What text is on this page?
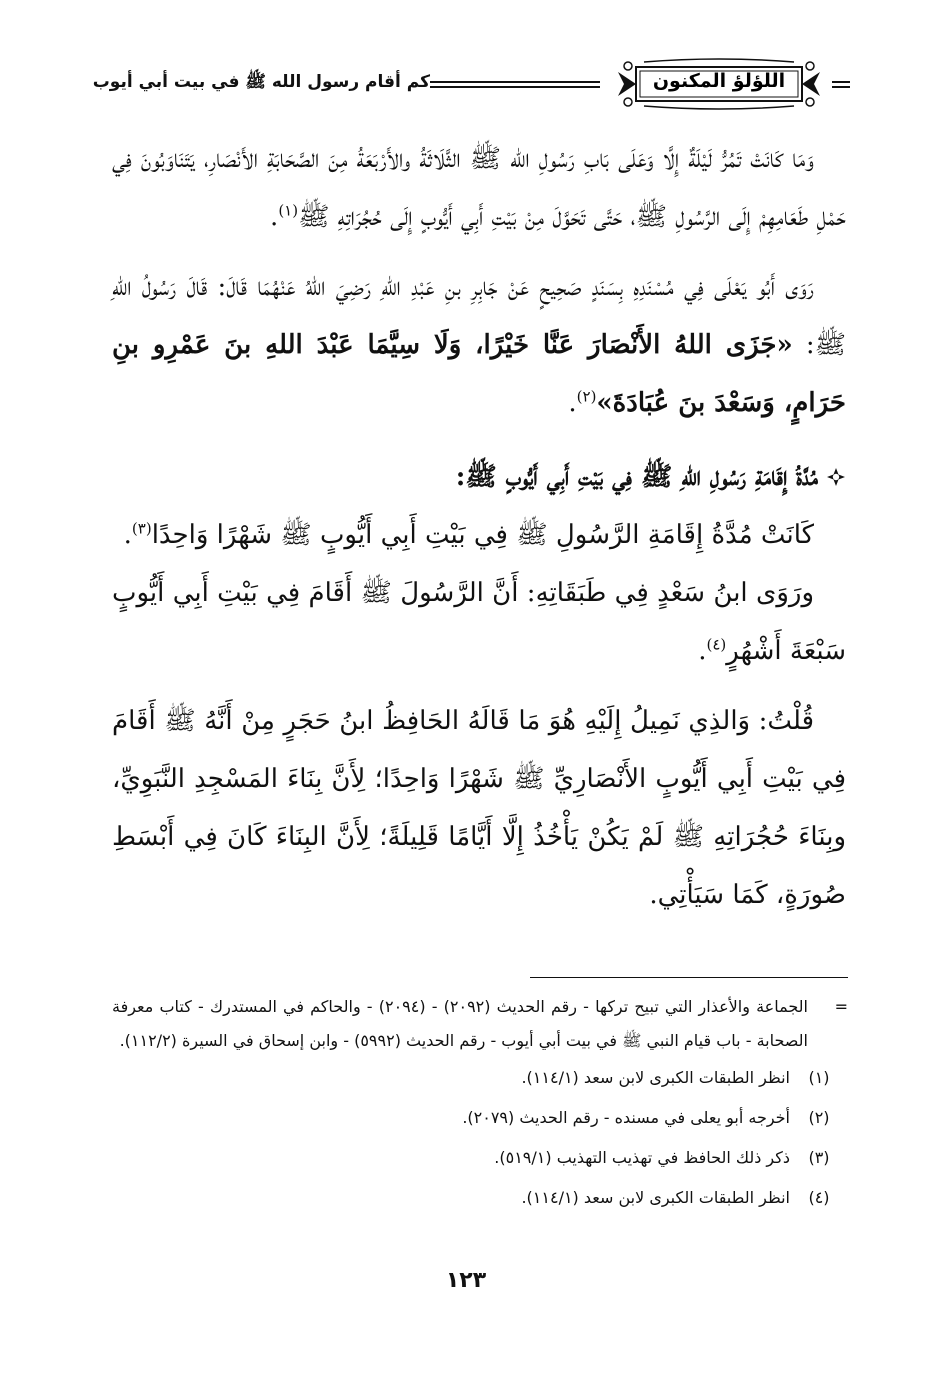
اللؤلؤ المكنون
كم أقام رسول الله ﷺ في بيت أبي أيوب

وَمَا كَانَتْ تَمُرُّ لَيْلَةٌ إِلَّا وَعَلَى بَابِ رَسُولِ الله ﷺ الثَّلَاثَةُ والأَرْبَعَةُ مِنَ الصَّحَابَةِ الأَنْصَارِ، يَتَنَاوَبُونَ فِي حَمْلِ طَعَامِهِمْ إِلَى الرَّسُولِ ﷺ، حَتَّى تَحَوَّلَ مِنْ بَيْتِ أَبِي أَيُّوبٍ إِلَى حُجُرَاتِهِ ﷺ$^{(١)}$.

رَوَى أَبُو يَعْلَى فِي مُسْنَدِهِ بِسَنَدٍ صَحِيحٍ عَنْ جَابِرِ بنِ عَبْدِ اللهِ رَضِيَ اللهُ عَنْهُمَا قَالَ: قَالَ رَسُولُ اللهِ ﷺ: «جَزَى اللهُ الأَنْصَارَ عَنَّا خَيْرًا، وَلَا سِيَّمَا عَبْدَ اللهِ بنَ عَمْرِو بنِ حَرَامٍ، وَسَعْدَ بنَ عُبَادَةَ»$^{(٢)}$.

مُدَّةُ إِقَامَةِ رَسُولِ اللهِ ﷺ فِي بَيْتِ أَبِي أَيُّوبٍ ﷺ:

كَانَتْ مُدَّةُ إِقَامَةِ الرَّسُولِ ﷺ فِي بَيْتِ أَبِي أَيُّوبٍ ﷺ شَهْرًا وَاحِدًا$^{(٣)}$.

ورَوَى ابنُ سَعْدٍ فِي طَبَقَاتِهِ: أَنَّ الرَّسُولَ ﷺ أَقَامَ فِي بَيْتِ أَبِي أَيُّوبٍ سَبْعَةَ أَشْهُرٍ$^{(٤)}$.

قُلْتُ: وَالذِي نَمِيلُ إِلَيْهِ هُوَ مَا قَالَهُ الحَافِظُ ابنُ حَجَرٍ مِنْ أَنَّهُ ﷺ أَقَامَ فِي بَيْتِ أَبِي أَيُّوبٍ الأَنْصَارِيِّ ﷺ شَهْرًا وَاحِدًا؛ لِأَنَّ بِنَاءَ المَسْجِدِ النَّبَوِيِّ، وبِنَاءَ حُجُرَاتِهِ ﷺ لَمْ يَكُنْ يَأْخُذُ إِلَّا أَيَّامًا قَلِيلَةً؛ لِأَنَّ البِنَاءَ كَانَ فِي أَبْسَطِ صُورَةٍ، كَمَا سَيَأْتِي.

=
الجماعة والأعذار التي تبيح تركها - رقم الحديث (٢٠٩٢) - (٢٠٩٤) - والحاكم في المستدرك - كتاب معرفة الصحابة - باب قيام النبي ﷺ في بيت أبي أيوب - رقم الحديث (٥٩٩٢) - وابن إسحاق في السيرة (١١٢/٢).
(١)
انظر الطبقات الكبرى لابن سعد (١١٤/١).
(٢)
أخرجه أبو يعلى في مسنده - رقم الحديث (٢٠٧٩).
(٣)
ذكر ذلك الحافظ في تهذيب التهذيب (٥١٩/١).
(٤)
انظر الطبقات الكبرى لابن سعد (١١٤/١).
١٢٣
